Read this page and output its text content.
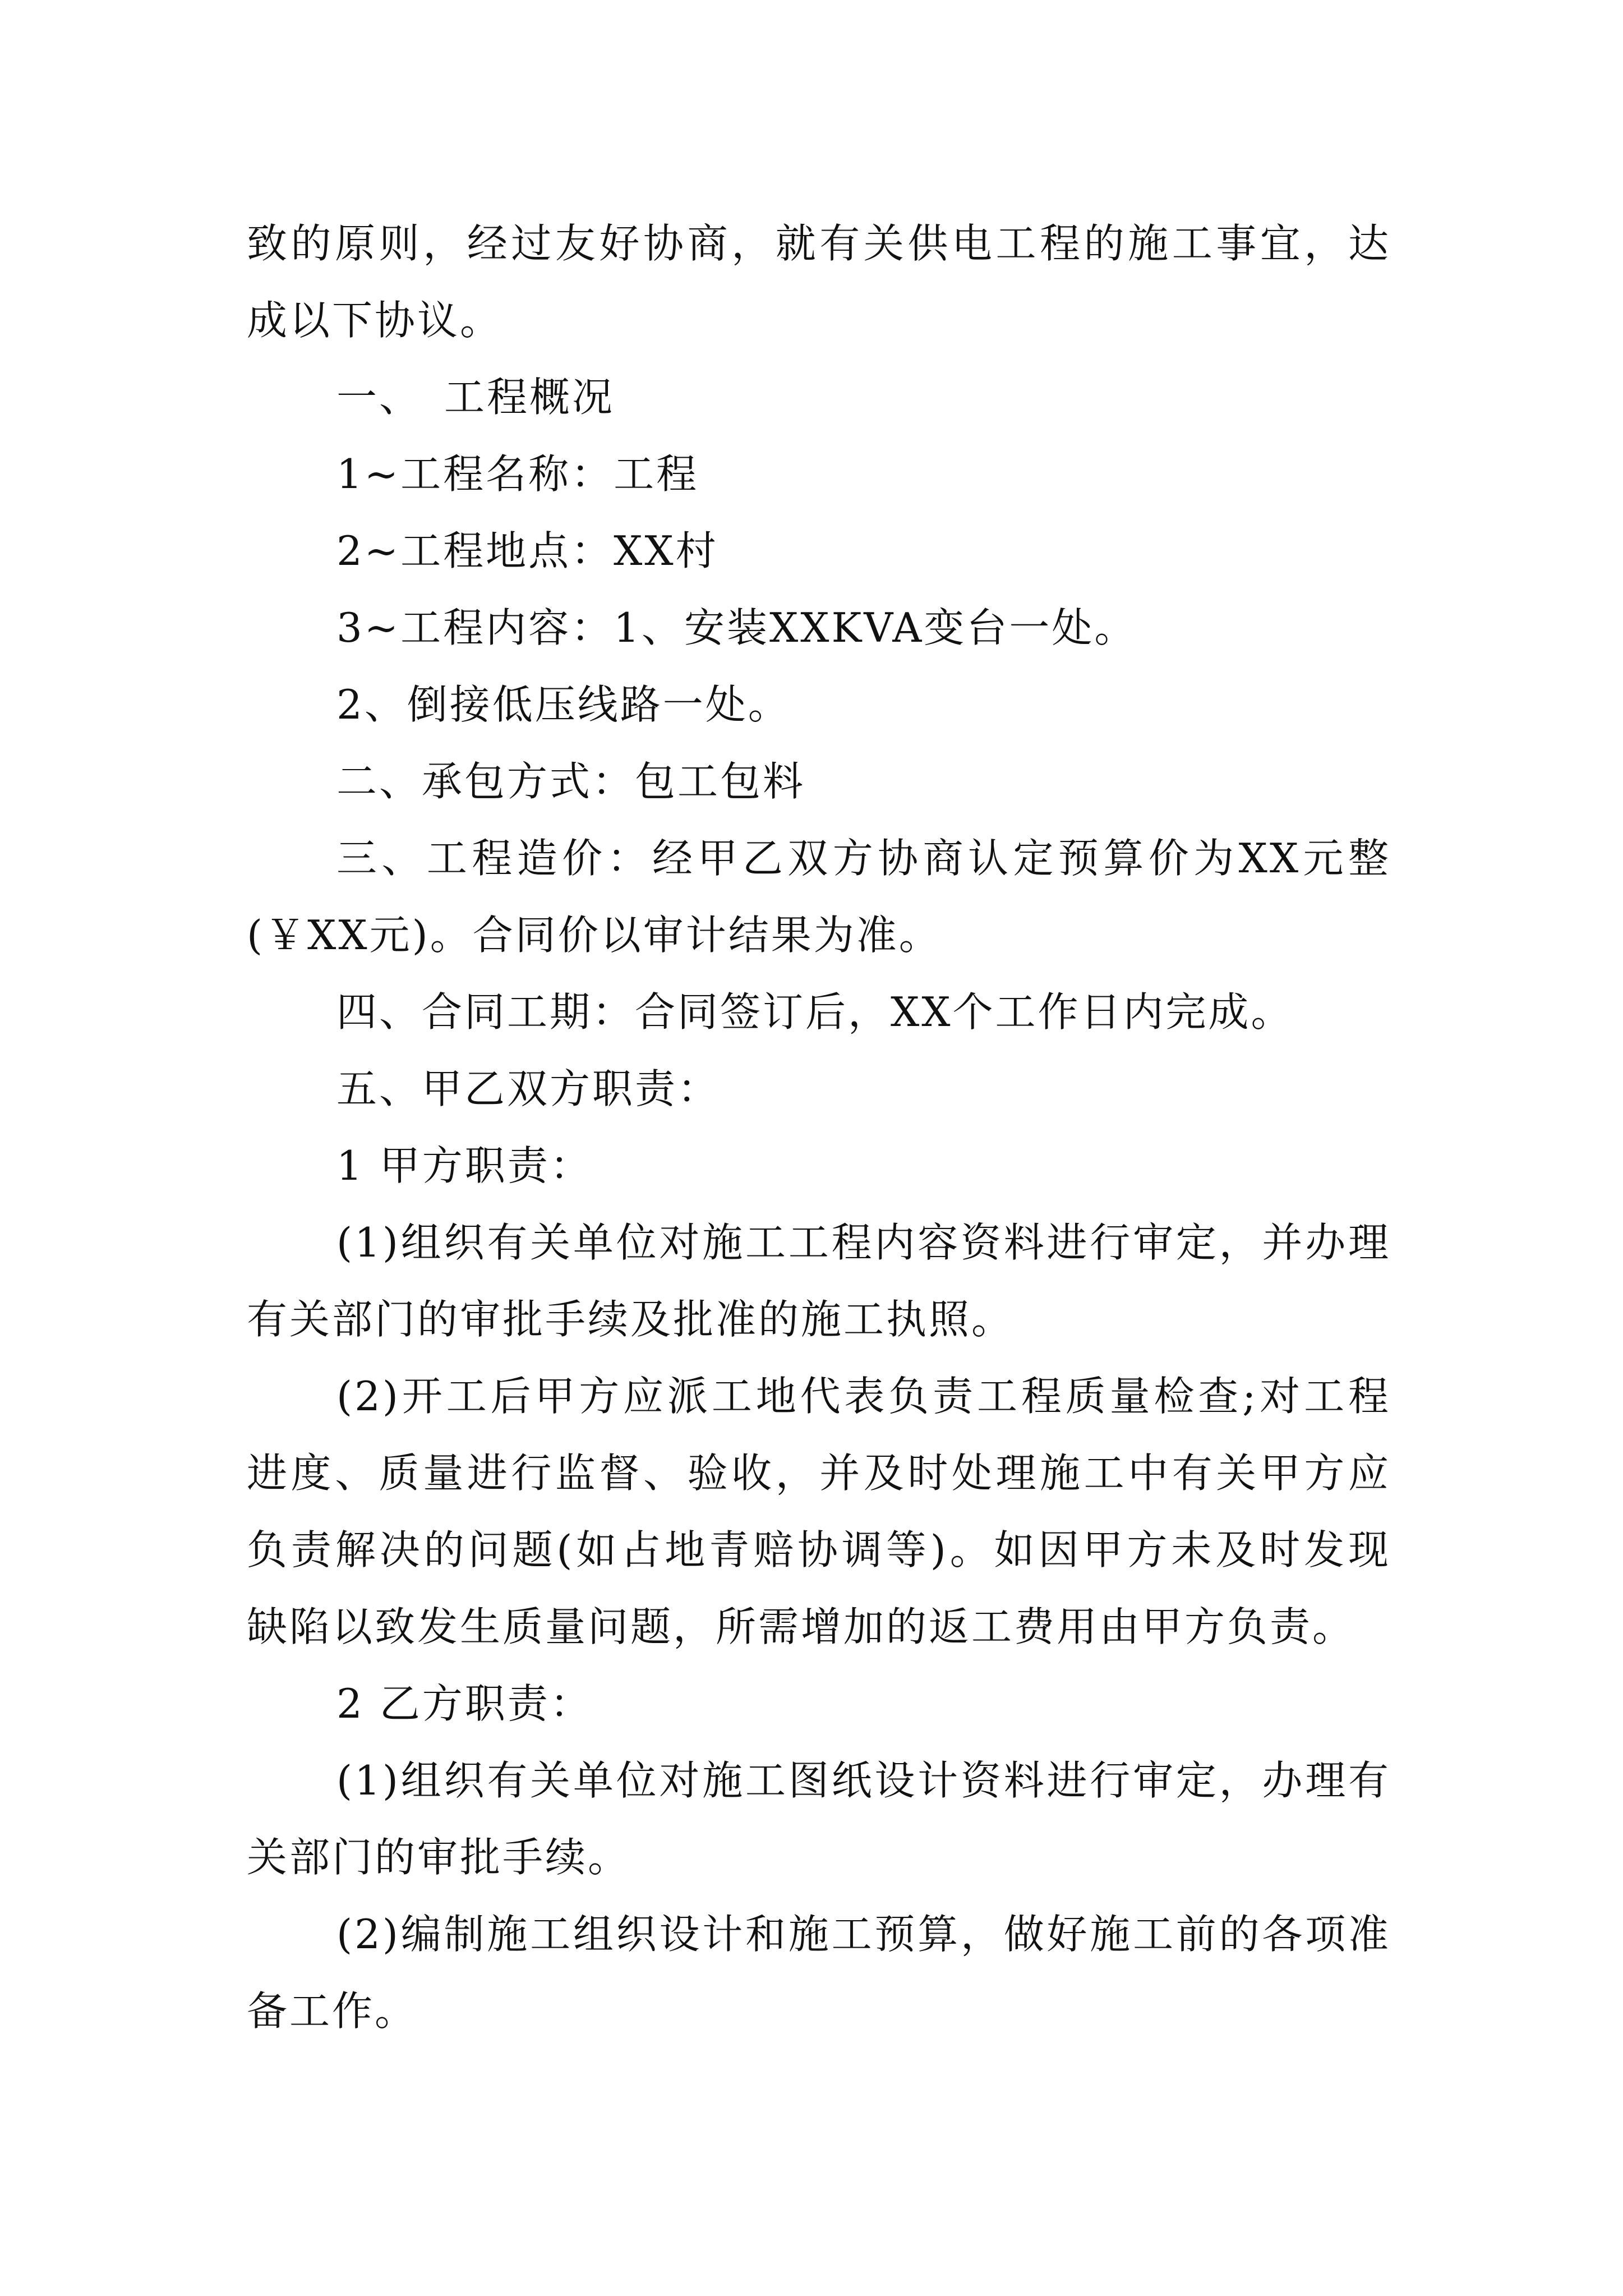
致的原则，经过友好协商，就有关供电工程的施工事宜，达成以下协议。

一、　工程概况

1~工程名称：工程

2~工程地点：XX村

3~工程内容：1、安装XXKVA变台一处。

2、倒接低压线路一处。

二、承包方式：包工包料

三、工程造价：经甲乙双方协商认定预算价为XX元整(￥XX元)。合同价以审计结果为准。

四、合同工期：合同签订后，XX个工作日内完成。

五、甲乙双方职责：

1 甲方职责：

(1)组织有关单位对施工工程内容资料进行审定，并办理有关部门的审批手续及批准的施工执照。

(2)开工后甲方应派工地代表负责工程质量检查;对工程进度、质量进行监督、验收，并及时处理施工中有关甲方应负责解决的问题(如占地青赔协调等)。如因甲方未及时发现缺陷以致发生质量问题，所需增加的返工费用由甲方负责。

2 乙方职责：

(1)组织有关单位对施工图纸设计资料进行审定，办理有关部门的审批手续。

(2)编制施工组织设计和施工预算，做好施工前的各项准备工作。
